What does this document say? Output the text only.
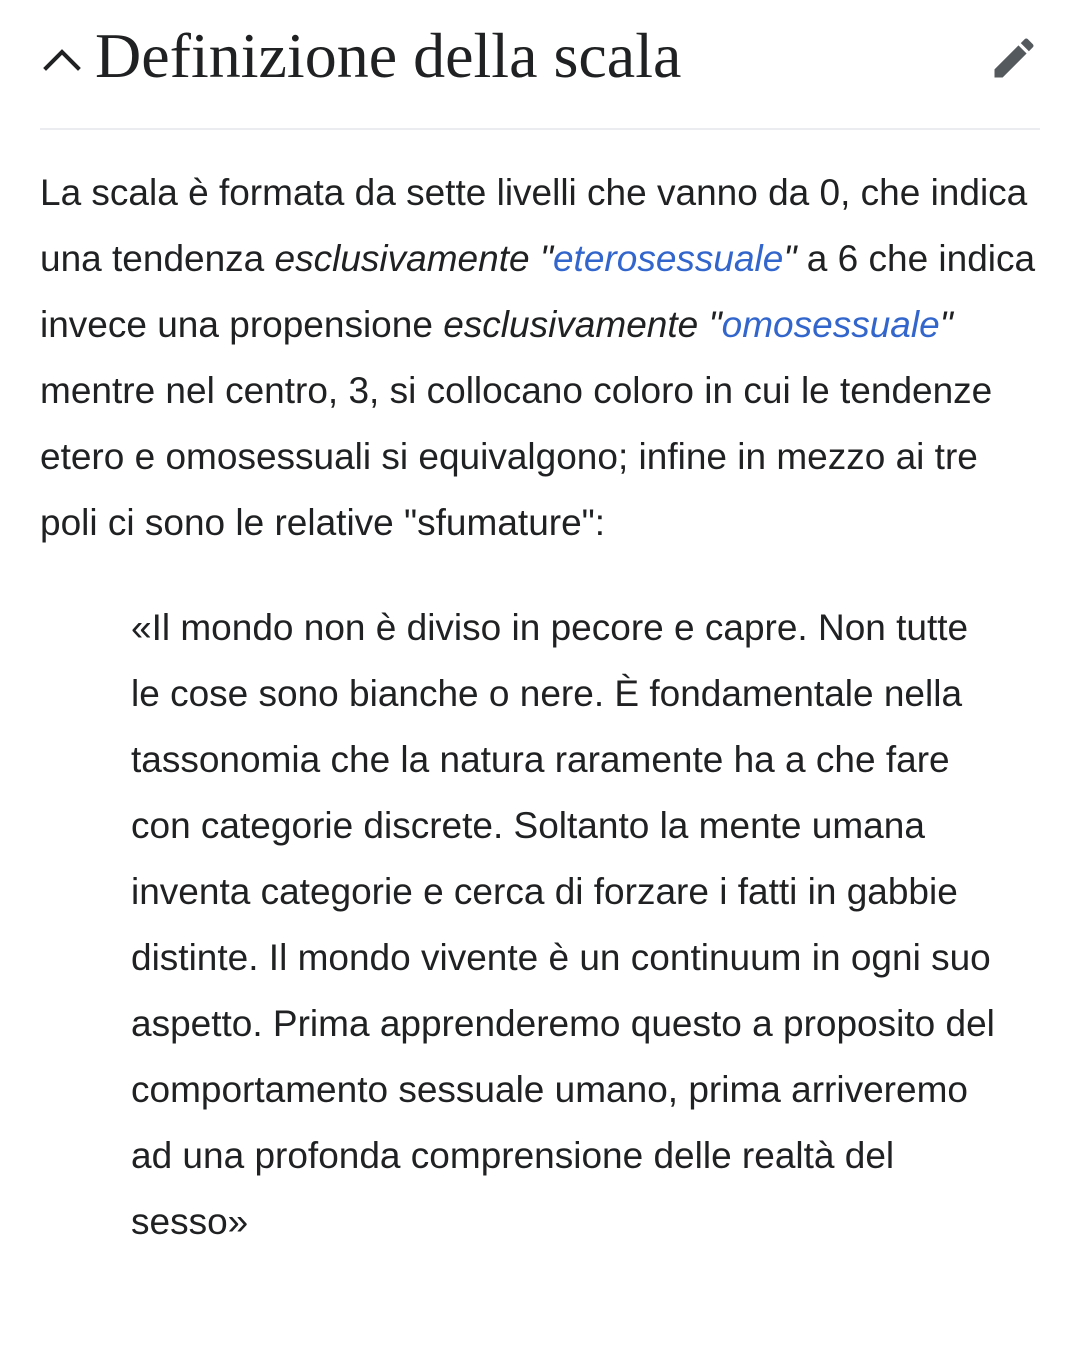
Definizione della scala

La scala è formata da sette livelli che vanno da 0, che indica una tendenza esclusivamente "eterosessuale" a 6 che indica invece una propensione esclusivamente "omosessuale" mentre nel centro, 3, si collocano coloro in cui le tendenze etero e omosessuali si equivalgono; infine in mezzo ai tre poli ci sono le relative "sfumature":

«Il mondo non è diviso in pecore e capre. Non tutte le cose sono bianche o nere. È fondamentale nella tassonomia che la natura raramente ha a che fare con categorie discrete. Soltanto la mente umana inventa categorie e cerca di forzare i fatti in gabbie distinte. Il mondo vivente è un continuum in ogni suo aspetto. Prima apprenderemo questo a proposito del comportamento sessuale umano, prima arriveremo ad una profonda comprensione delle realtà del sesso»
